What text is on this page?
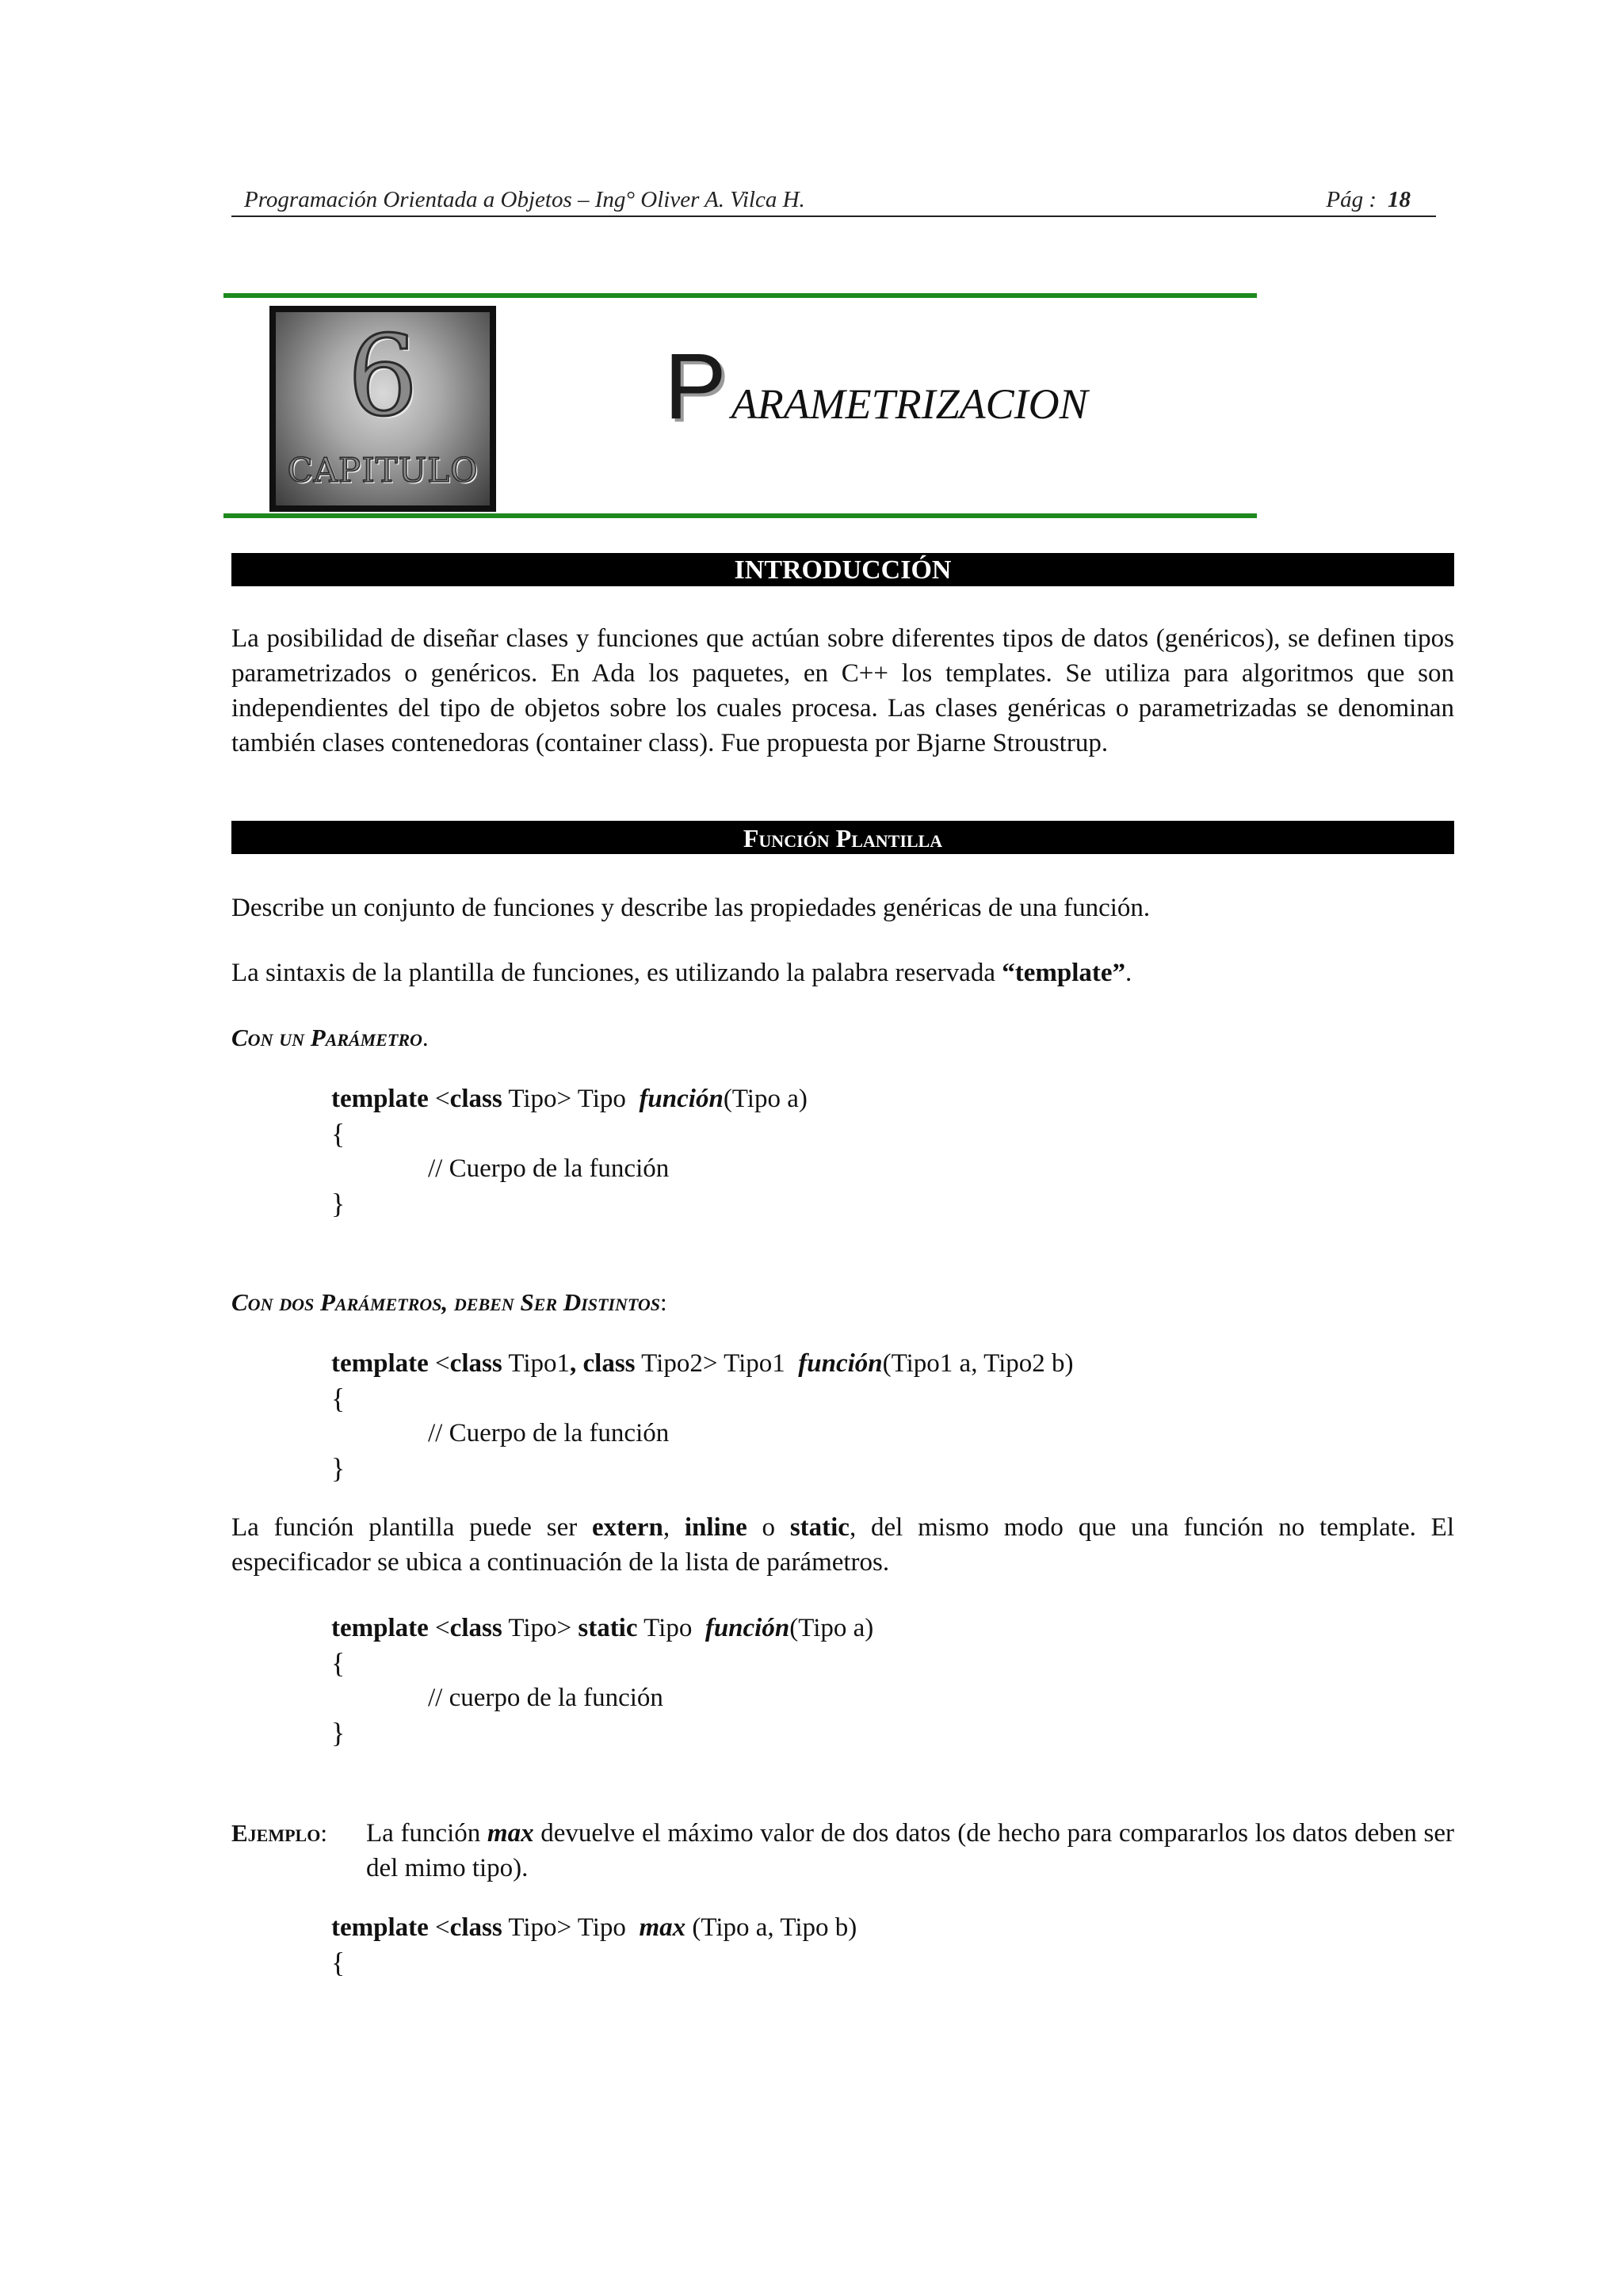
Programación Orientada a Objetos – Ing° Oliver A. Vilca H.	Pág : 18
6
CAPITULO
PARAMETRIZACION
INTRODUCCIÓN
La posibilidad de diseñar clases y funciones que actúan sobre diferentes tipos de datos (genéricos), se definen tipos parametrizados o genéricos. En Ada los paquetes, en C++ los templates. Se utiliza para algoritmos que son independientes del tipo de objetos sobre los cuales procesa. Las clases genéricas o parametrizadas se denominan también clases contenedoras (container class). Fue propuesta por Bjarne Stroustrup.
Función Plantilla
Describe un conjunto de funciones y describe las propiedades genéricas de una función.
La sintaxis de la plantilla de funciones, es utilizando la palabra reservada “template”.
Con un Parámetro.
template <class Tipo> Tipo  función(Tipo a)
{
// Cuerpo de la función
}
Con dos Parámetros, deben Ser Distintos:
template <class Tipo1, class Tipo2> Tipo1  función(Tipo1 a, Tipo2 b)
{
// Cuerpo de la función
}
La función plantilla puede ser extern, inline o static, del mismo modo que una función no template. El especificador se ubica a continuación de la lista de parámetros.
template <class Tipo> static Tipo  función(Tipo a)
{
// cuerpo de la función
}
Ejemplo: La función max devuelve el máximo valor de dos datos (de hecho para compararlos los datos deben ser del mimo tipo).
template <class Tipo> Tipo  max (Tipo a, Tipo b)
{
